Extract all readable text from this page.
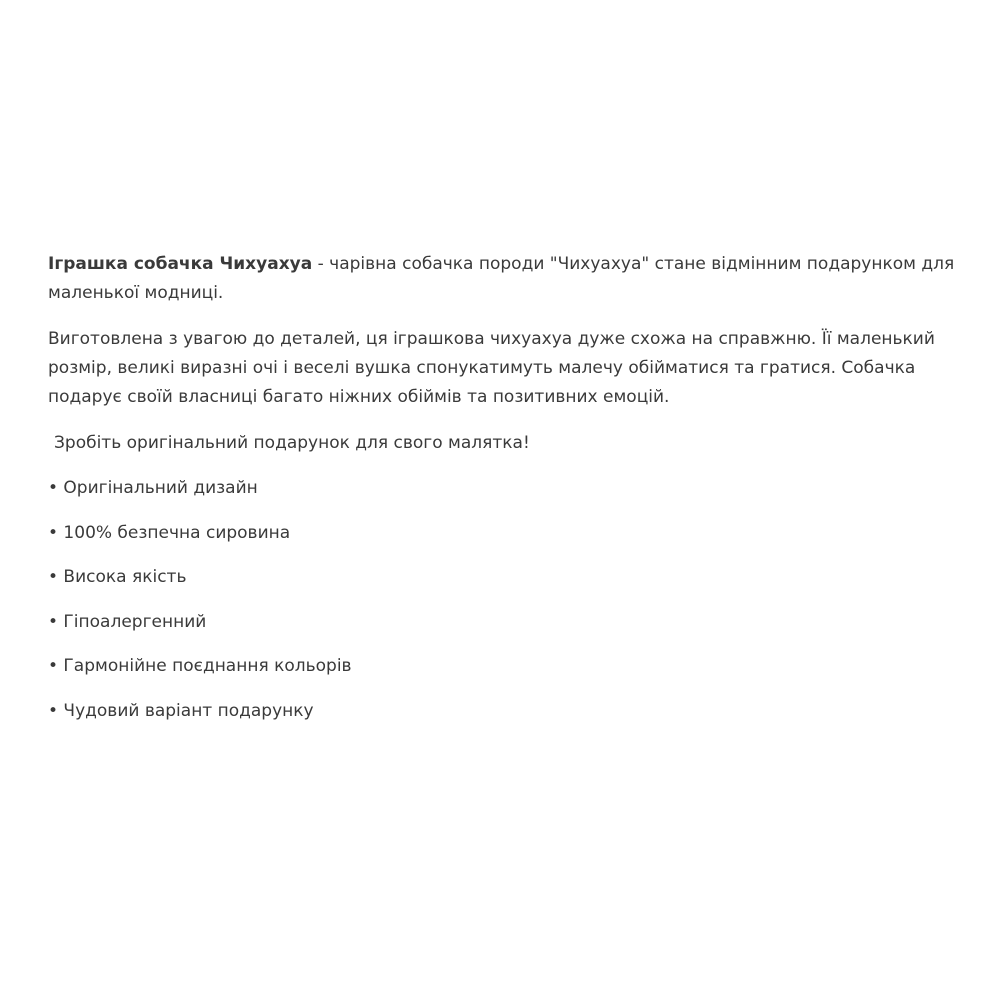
Іграшка собачка Чихуахуа - чарівна собачка породи "Чихуахуа" стане відмінним подарунком для маленької модниці.

Виготовлена з увагою до деталей, ця іграшкова чихуахуа дуже схожа на справжню. Її маленький розмір, великі виразні очі і веселі вушка спонукатимуть малечу обійматися та гратися. Собачка подарує своїй власниці багато ніжних обіймів та позитивних емоцій.

Зробіть оригінальний подарунок для свого малятка!

• Оригінальний дизайн
• 100% безпечна сировина
• Висока якість
• Гіпоалергенний
• Гармонійне поєднання кольорів
• Чудовий варіант подарунку
